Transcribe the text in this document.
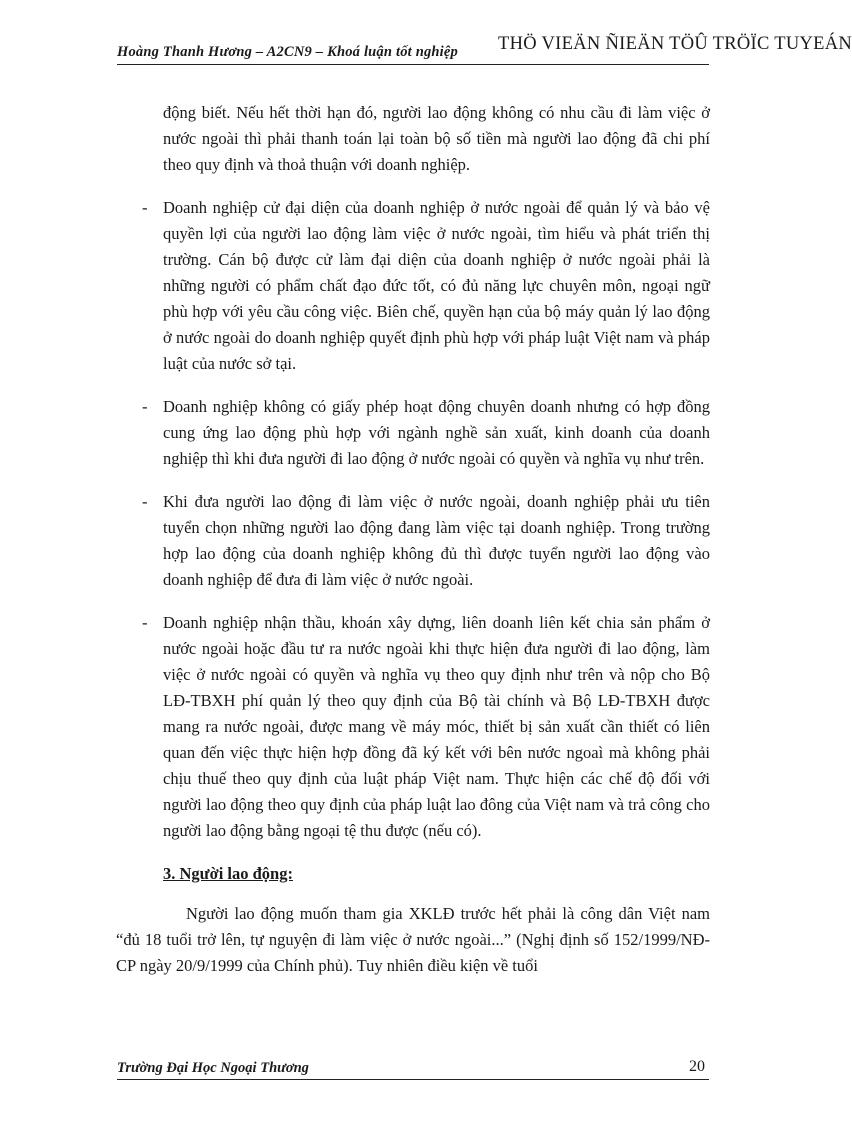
Hoàng Thanh Hương – A2CN9 – Khoá luận tốt nghiệp THÖ VIEÄN ÑIEÄN TÖÛ TRÖÏC TUYEÁN

động biết. Nếu hết thời hạn đó, người lao động không có nhu cầu đi làm việc ở nước ngoài thì phải thanh toán lại toàn bộ số tiền mà người lao động đã chi phí theo quy định và thoả thuận với doanh nghiệp.

- Doanh nghiệp cử đại diện của doanh nghiệp ở nước ngoài để quản lý và bảo vệ quyền lợi của người lao động làm việc ở nước ngoài, tìm hiểu và phát triển thị trường. Cán bộ được cử làm đại diện của doanh nghiệp ở nước ngoài phải là những người có phẩm chất đạo đức tốt, có đủ năng lực chuyên môn, ngoại ngữ phù hợp với yêu cầu công việc. Biên chế, quyền hạn của bộ máy quản lý lao động ở nước ngoài do doanh nghiệp quyết định phù hợp với pháp luật Việt nam và pháp luật của nước sở tại.

- Doanh nghiệp không có giấy phép hoạt động chuyên doanh nhưng có hợp đồng cung ứng lao động phù hợp với ngành nghề sản xuất, kinh doanh của doanh nghiệp thì khi đưa người đi lao động ở nước ngoài có quyền và nghĩa vụ như trên.

- Khi đưa người lao động đi làm việc ở nước ngoài, doanh nghiệp phải ưu tiên tuyển chọn những người lao động đang làm việc tại doanh nghiệp. Trong trường hợp lao động của doanh nghiệp không đủ thì được tuyển người lao động vào doanh nghiệp để đưa đi làm việc ở nước ngoài.

- Doanh nghiệp nhận thầu, khoán xây dựng, liên doanh liên kết chia sản phẩm ở nước ngoài hoặc đầu tư ra nước ngoài khi thực hiện đưa người đi lao động, làm việc ở nước ngoài có quyền và nghĩa vụ theo quy định như trên và nộp cho Bộ LĐ-TBXH phí quản lý theo quy định của Bộ tài chính và Bộ LĐ-TBXH được mang ra nước ngoài, được mang về máy móc, thiết bị sản xuất cần thiết có liên quan đến việc thực hiện hợp đồng đã ký kết với bên nước ngoaì mà không phải chịu thuế theo quy định của luật pháp Việt nam. Thực hiện các chế độ đối với người lao động theo quy định của pháp luật lao đông của Việt nam và trả công cho người lao động bằng ngoại tệ thu được (nếu có).

3. Người lao động:

Người lao động muốn tham gia XKLĐ trước hết phải là công dân Việt nam “đủ 18 tuổi trở lên, tự nguyện đi làm việc ở nước ngoài...” (Nghị định số 152/1999/NĐ-CP ngày 20/9/1999 của Chính phủ). Tuy nhiên điều kiện về tuổi

Trường Đại Học Ngoại Thương	20
